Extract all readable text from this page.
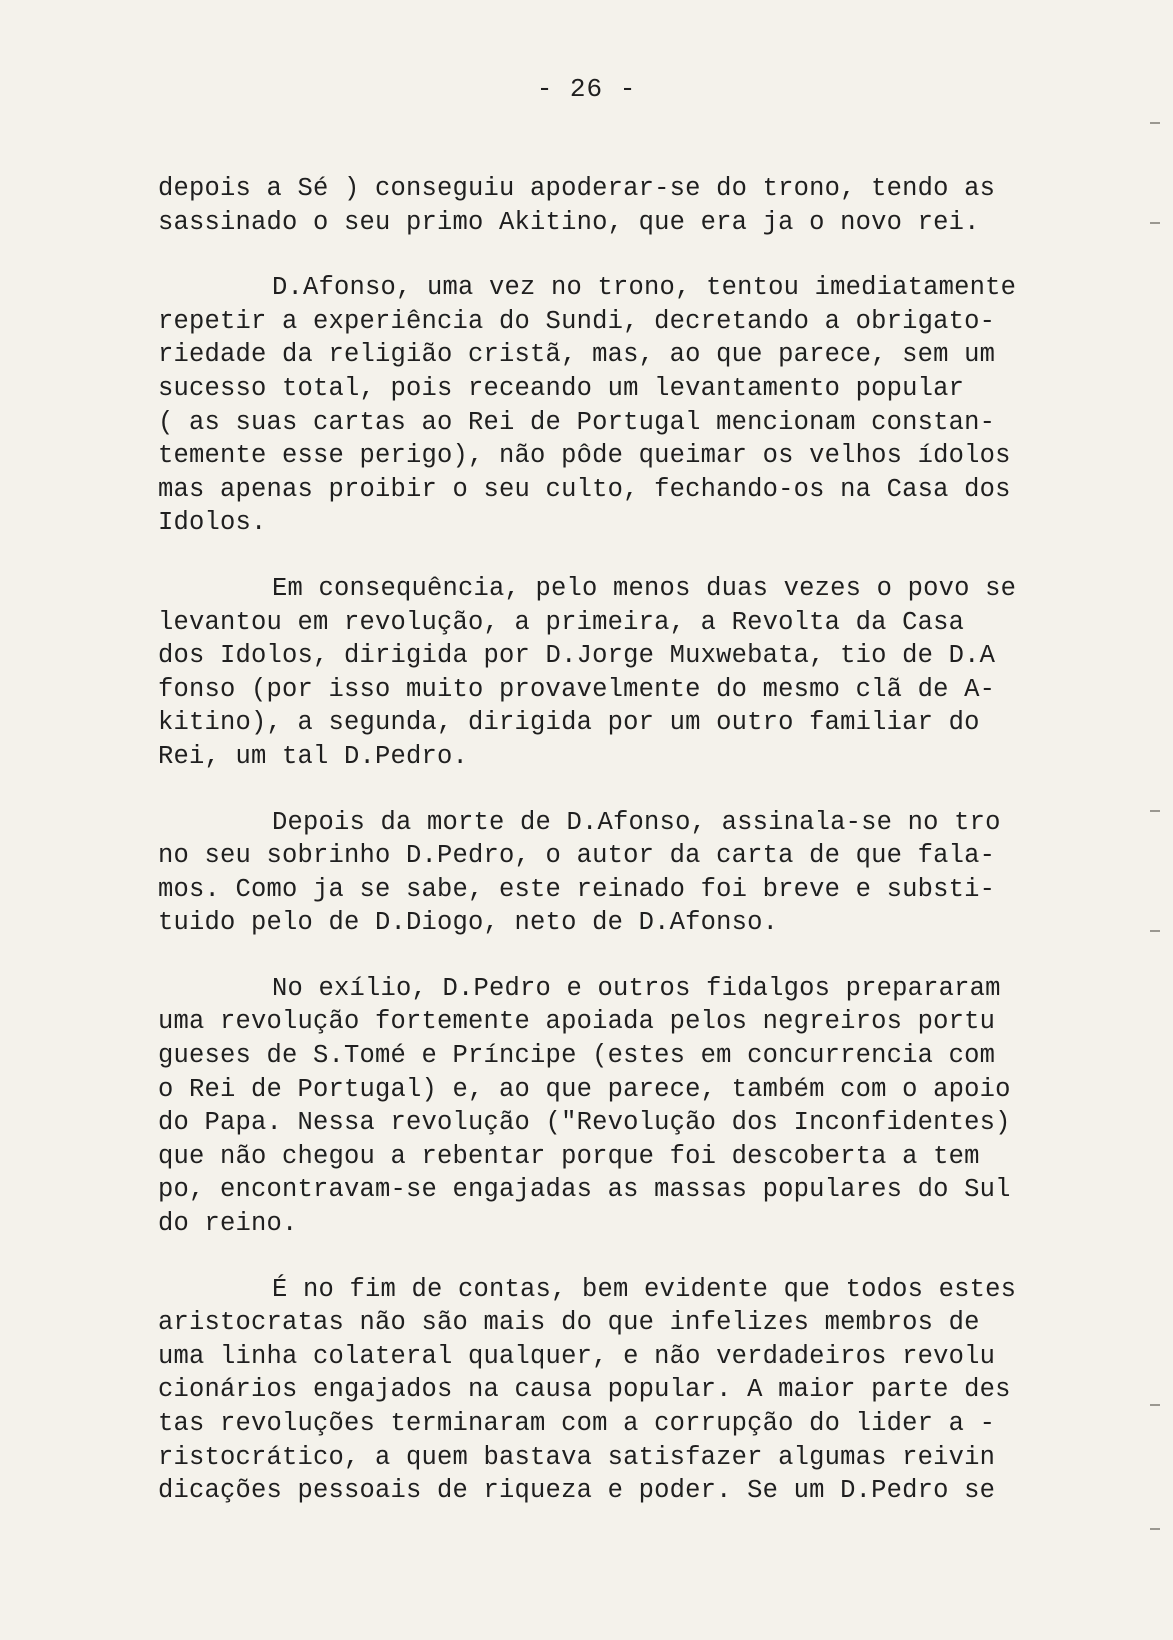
- 26 -
depois a Sé ) conseguiu apoderar-se do trono, tendo as
sassinado o seu primo Akitino, que era ja o novo rei.
D.Afonso, uma vez no trono, tentou imediatamente
repetir a experiência do Sundi, decretando a obrigato-
riedade da religião cristã, mas, ao que parece, sem um
sucesso total, pois receando um levantamento popular
( as suas cartas ao Rei de Portugal mencionam constan-
temente esse perigo), não pôde queimar os velhos ídolos
mas apenas proibir o seu culto, fechando-os na Casa dos
Idolos.
Em consequência, pelo menos duas vezes o povo se
levantou em revolução, a primeira, a Revolta da Casa
dos Idolos, dirigida por D.Jorge Muxwebata, tio de D.A
fonso (por isso muito provavelmente do mesmo clã de A-
kitino), a segunda, dirigida por um outro familiar do
Rei, um tal D.Pedro.
Depois da morte de D.Afonso, assinala-se no tro
no seu sobrinho D.Pedro, o autor da carta de que fala-
mos. Como ja se sabe, este reinado foi breve e substi-
tuido pelo de D.Diogo, neto de D.Afonso.
No exílio, D.Pedro e outros fidalgos prepararam
uma revolução fortemente apoiada pelos negreiros portu
gueses de S.Tomé e Príncipe (estes em concurrencia com
o Rei de Portugal) e, ao que parece, também com o apoio
do Papa. Nessa revolução ("Revolução dos Inconfidentes)
que não chegou a rebentar porque foi descoberta a tem
po, encontravam-se engajadas as massas populares do Sul
do reino.
É no fim de contas, bem evidente que todos estes
aristocratas não são mais do que infelizes membros de
uma linha colateral qualquer, e não verdadeiros revolu
cionários engajados na causa popular. A maior parte des
tas revoluções terminaram com a corrupção do lider a -
ristocrático, a quem bastava satisfazer algumas reivin
dicações pessoais de riqueza e poder. Se um D.Pedro se
